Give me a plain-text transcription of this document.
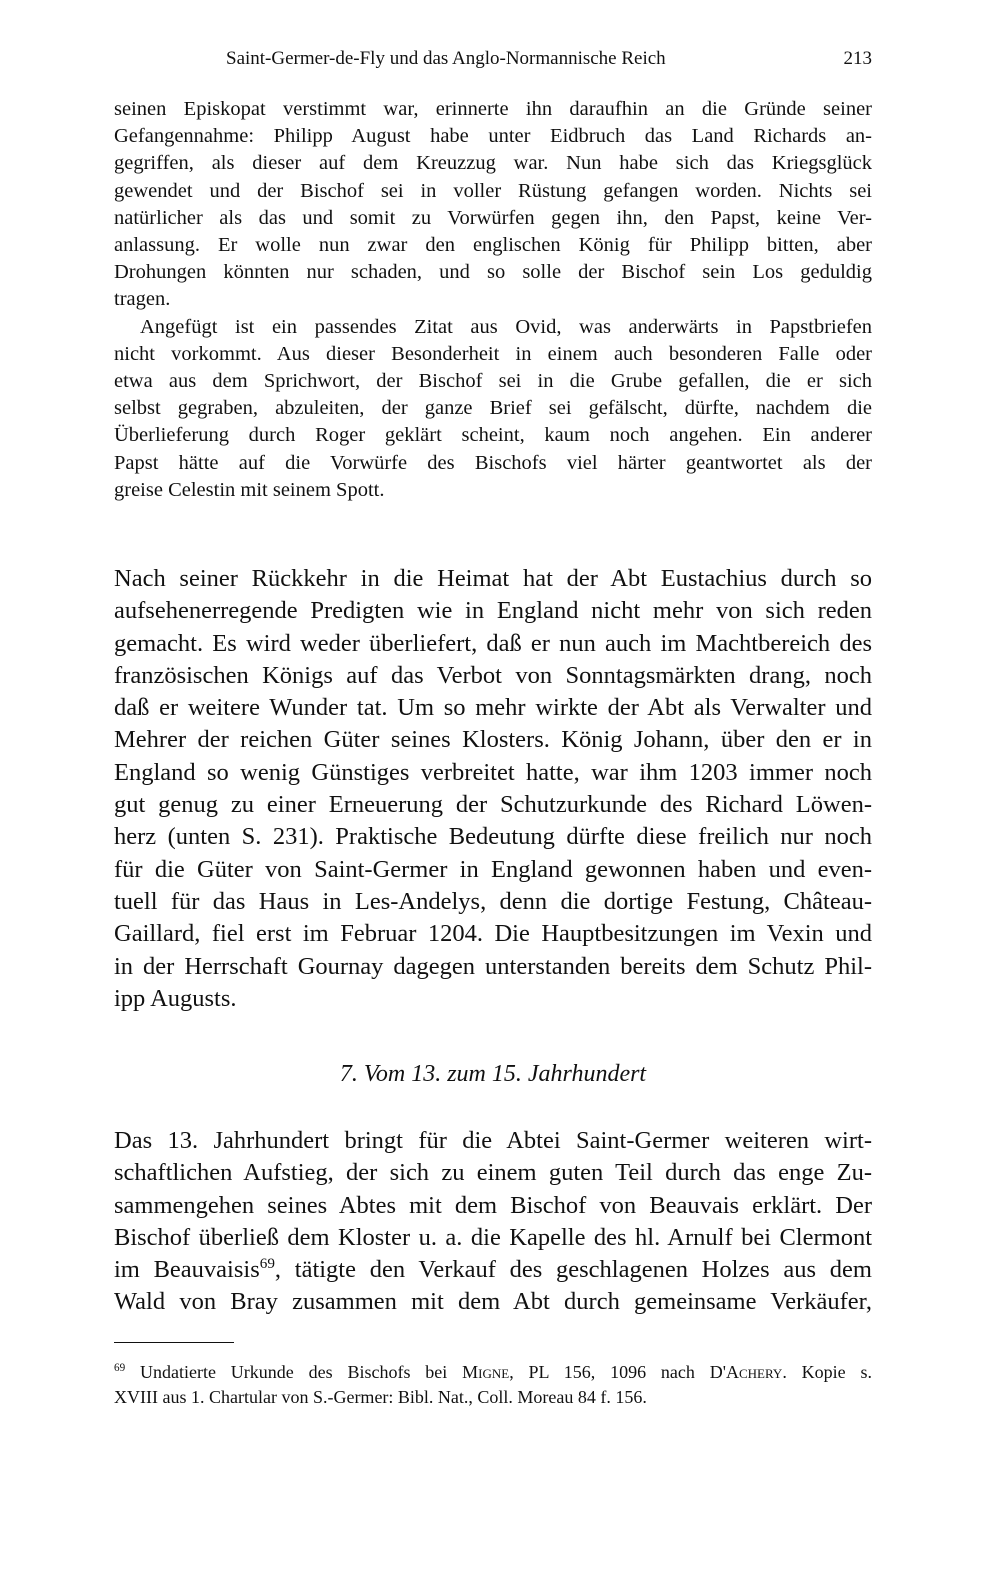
Saint-Germer-de-Fly und das Anglo-Normannische Reich	213
seinen Episkopat verstimmt war, erinnerte ihn daraufhin an die Gründe seiner
Gefangennahme: Philipp August habe unter Eidbruch das Land Richards an-
gegriffen, als dieser auf dem Kreuzzug war. Nun habe sich das Kriegsglück
gewendet und der Bischof sei in voller Rüstung gefangen worden. Nichts sei
natürlicher als das und somit zu Vorwürfen gegen ihn, den Papst, keine Ver-
anlassung. Er wolle nun zwar den englischen König für Philipp bitten, aber
Drohungen könnten nur schaden, und so solle der Bischof sein Los geduldig
tragen.
Angefügt ist ein passendes Zitat aus Ovid, was anderwärts in Papstbriefen
nicht vorkommt. Aus dieser Besonderheit in einem auch besonderen Falle oder
etwa aus dem Sprichwort, der Bischof sei in die Grube gefallen, die er sich
selbst gegraben, abzuleiten, der ganze Brief sei gefälscht, dürfte, nachdem die
Überlieferung durch Roger geklärt scheint, kaum noch angehen. Ein anderer
Papst hätte auf die Vorwürfe des Bischofs viel härter geantwortet als der
greise Celestin mit seinem Spott.
Nach seiner Rückkehr in die Heimat hat der Abt Eustachius durch so
aufsehenerregende Predigten wie in England nicht mehr von sich reden
gemacht. Es wird weder überliefert, daß er nun auch im Machtbereich des
französischen Königs auf das Verbot von Sonntagsmärkten drang, noch
daß er weitere Wunder tat. Um so mehr wirkte der Abt als Verwalter und
Mehrer der reichen Güter seines Klosters. König Johann, über den er in
England so wenig Günstiges verbreitet hatte, war ihm 1203 immer noch
gut genug zu einer Erneuerung der Schutzurkunde des Richard Löwen-
herz (unten S. 231). Praktische Bedeutung dürfte diese freilich nur noch
für die Güter von Saint-Germer in England gewonnen haben und even-
tuell für das Haus in Les-Andelys, denn die dortige Festung, Château-
Gaillard, fiel erst im Februar 1204. Die Hauptbesitzungen im Vexin und
in der Herrschaft Gournay dagegen unterstanden bereits dem Schutz Phil-
ipp Augusts.
7. Vom 13. zum 15. Jahrhundert
Das 13. Jahrhundert bringt für die Abtei Saint-Germer weiteren wirt-
schaftlichen Aufstieg, der sich zu einem guten Teil durch das enge Zu-
sammengehen seines Abtes mit dem Bischof von Beauvais erklärt. Der
Bischof überließ dem Kloster u. a. die Kapelle des hl. Arnulf bei Clermont
im Beauvaisis$^{69}$, tätigte den Verkauf des geschlagenen Holzes aus dem
Wald von Bray zusammen mit dem Abt durch gemeinsame Verkäufer,
$^{69}$ Undatierte Urkunde des Bischofs bei Migne, PL 156, 1096 nach D'Achery. Kopie s.
XVIII aus 1. Chartular von S.-Germer: Bibl. Nat., Coll. Moreau 84 f. 156.
